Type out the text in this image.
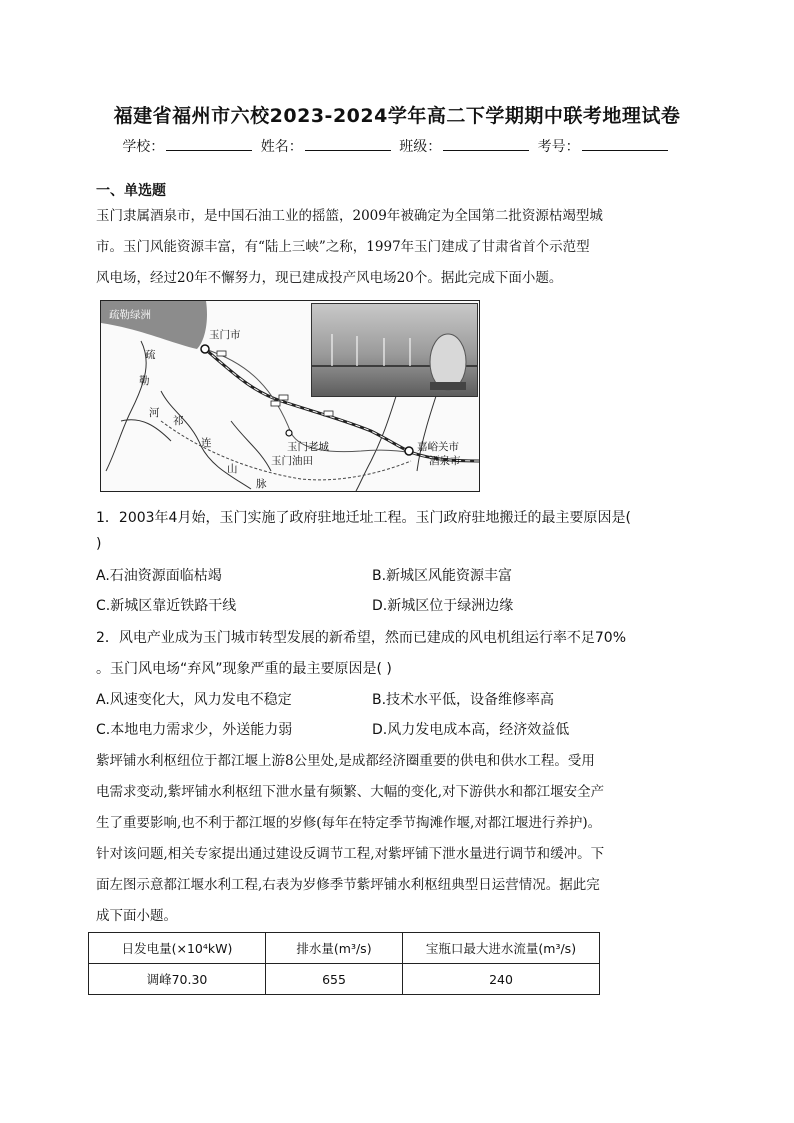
福建省福州市六校2023-2024学年高二下学期期中联考地理试卷
学校：	姓名：	班级：	考号：
一、单选题
玉门隶属酒泉市，是中国石油工业的摇篮，2009年被确定为全国第二批资源枯竭型城
市。玉门风能资源丰富，有“陆上三峡”之称，1997年玉门建成了甘肃省首个示范型
风电场，经过20年不懈努力，现已建成投产风电场20个。据此完成下面小题。
疏勒绿洲
玉门市
疏
勒
河
祁
连
山
脉
玉门老城
玉门油田
嘉峪关市
酒泉市
1．2003年4月始，玉门实施了政府驻地迁址工程。玉门政府驻地搬迁的最主要原因是(
)
A.石油资源面临枯竭	B.新城区风能资源丰富
C.新城区靠近铁路干线	D.新城区位于绿洲边缘
2．风电产业成为玉门城市转型发展的新希望，然而已建成的风电机组运行率不足70%
。玉门风电场“弃风”现象严重的最主要原因是( )
A.风速变化大，风力发电不稳定	B.技术水平低，设备维修率高
C.本地电力需求少，外送能力弱	D.风力发电成本高，经济效益低
紫坪铺水利枢纽位于都江堰上游8公里处,是成都经济圈重要的供电和供水工程。受用
电需求变动,紫坪铺水利枢纽下泄水量有频繁、大幅的变化,对下游供水和都江堰安全产
生了重要影响,也不利于都江堰的岁修(每年在特定季节掏滩作堰,对都江堰进行养护)。
针对该问题,相关专家提出通过建设反调节工程,对紫坪铺下泄水量进行调节和缓冲。下
面左图示意都江堰水利工程,右表为岁修季节紫坪铺水利枢纽典型日运营情况。据此完
成下面小题。
日发电量(×10⁴kW)	排水量(m³/s)	宝瓶口最大进水流量(m³/s)
调峰70.30	655	240
